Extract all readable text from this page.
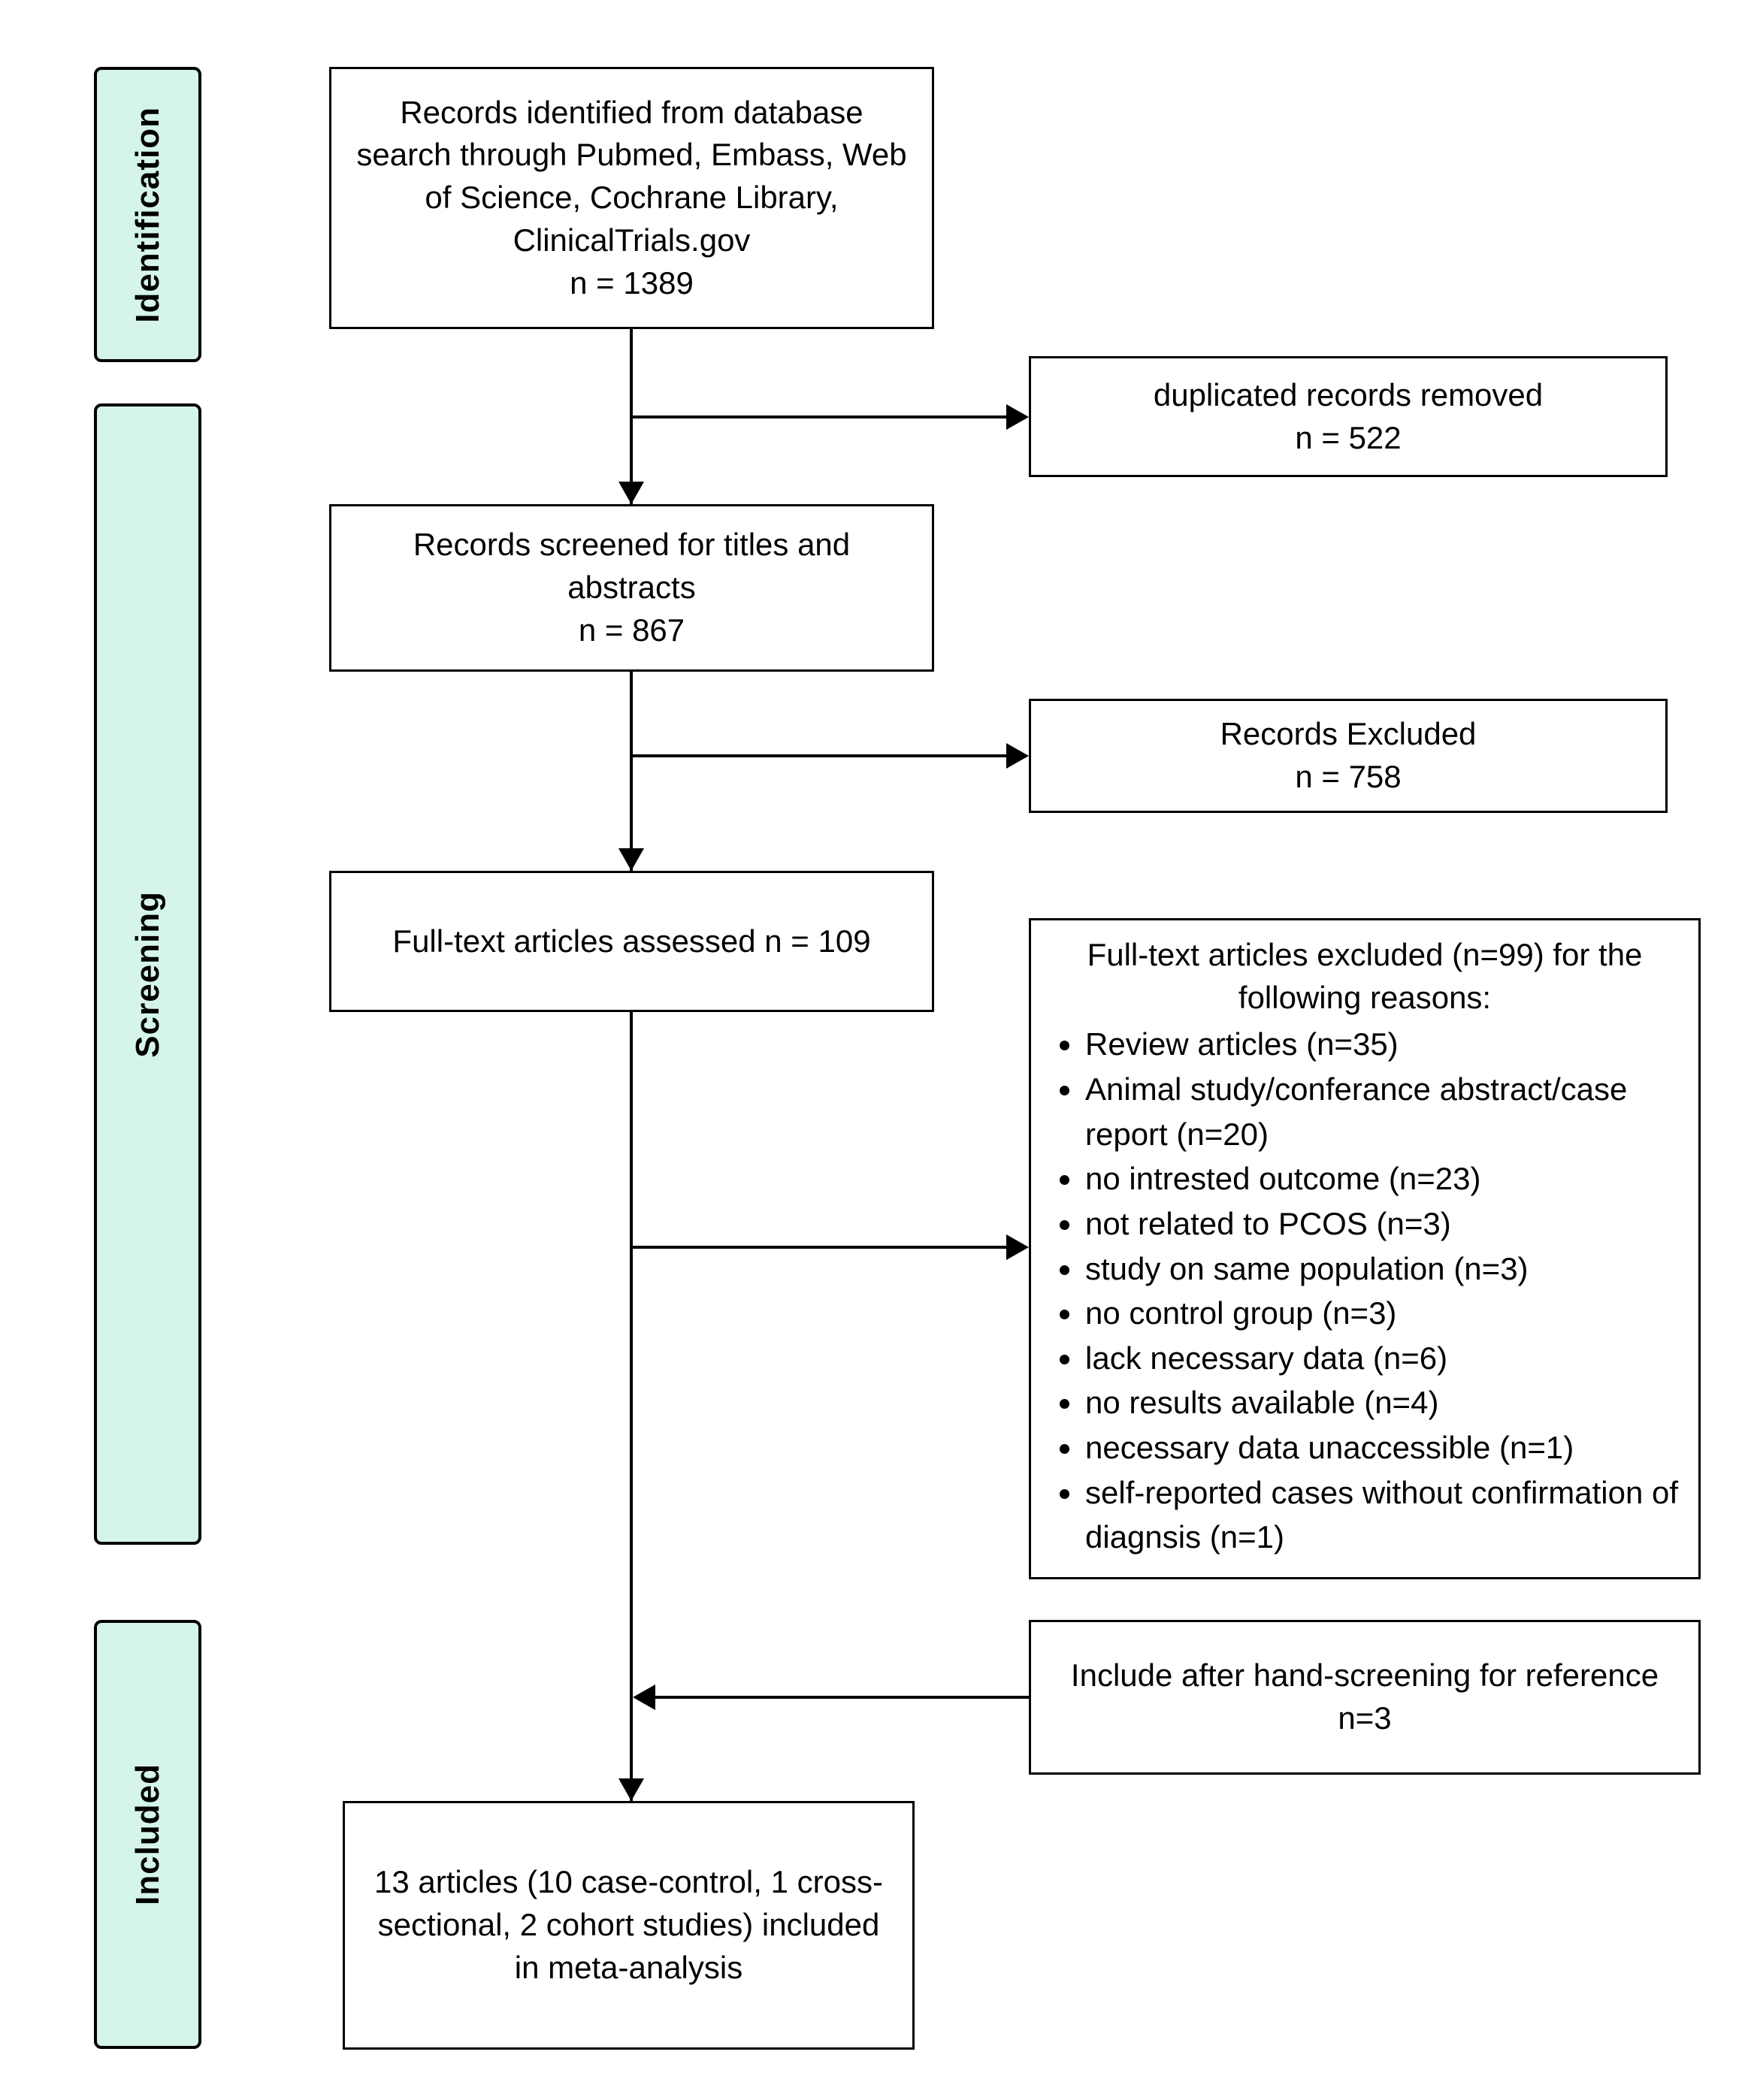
Identification
Screening
Included
Records identified from database search through Pubmed, Embass, Web of Science, Cochrane Library, ClinicalTrials.gov
n = 1389
Records screened for titles and abstracts
n = 867
Full-text articles assessed n = 109
13 articles (10 case-control, 1 cross-sectional, 2 cohort studies) included in meta-analysis
duplicated records removed
n = 522
Records Excluded
n = 758
Full-text articles excluded (n=99) for the following reasons:
• Review articles (n=35)
• Animal study/conferance abstract/case report (n=20)
• no intrested outcome (n=23)
• not related to PCOS (n=3)
• study on same population (n=3)
• no control group (n=3)
• lack necessary data (n=6)
• no results available (n=4)
• necessary data unaccessible (n=1)
• self-reported cases without confirmation of diagnsis (n=1)
Include after hand-screening for reference
n=3
